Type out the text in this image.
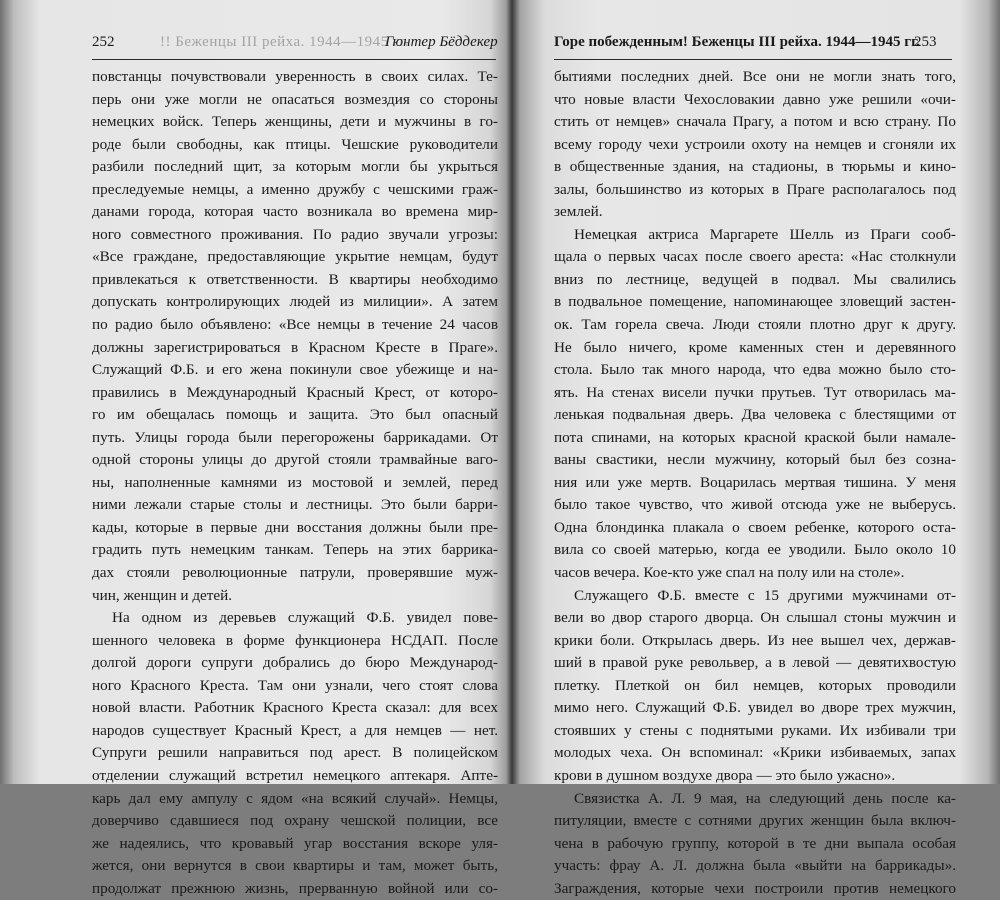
252	!! Беженцы III рейха. 1944—1945 гг.
Гюнтер Бёддекер
повстанцы почувствовали уверенность в своих силах. Те-
перь они уже могли не опасаться возмездия со стороны
немецких войск. Теперь женщины, дети и мужчины в го-
роде были свободны, как птицы. Чешские руководители
разбили последний щит, за которым могли бы укрыться
преследуемые немцы, а именно дружбу с чешскими граж-
данами города, которая часто возникала во времена мир-
ного совместного проживания. По радио звучали угрозы:
«Все граждане, предоставляющие укрытие немцам, будут
привлекаться к ответственности. В квартиры необходимо
допускать контролирующих людей из милиции». А затем
по радио было объявлено: «Все немцы в течение 24 часов
должны зарегистрироваться в Красном Кресте в Праге».
Служащий Ф.Б. и его жена покинули свое убежище и на-
правились в Международный Красный Крест, от которо-
го им обещалась помощь и защита. Это был опасный
путь. Улицы города были перегорожены баррикадами. От
одной стороны улицы до другой стояли трамвайные ваго-
ны, наполненные камнями из мостовой и землей, перед
ними лежали старые столы и лестницы. Это были барри-
кады, которые в первые дни восстания должны были пре-
градить путь немецким танкам. Теперь на этих баррика-
дах стояли революционные патрули, проверявшие муж-
чин, женщин и детей.
На одном из деревьев служащий Ф.Б. увидел пове-
шенного человека в форме функционера НСДАП. После
долгой дороги супруги добрались до бюро Международ-
ного Красного Креста. Там они узнали, чего стоят слова
новой власти. Работник Красного Креста сказал: для всех
народов существует Красный Крест, а для немцев — нет.
Супруги решили направиться под арест. В полицейском
отделении служащий встретил немецкого аптекаря. Апте-
карь дал ему ампулу с ядом «на всякий случай». Немцы,
доверчиво сдавшиеся под охрану чешской полиции, все
же надеялись, что кровавый угар восстания вскоре уля-
жется, они вернутся в свои квартиры и там, может быть,
продолжат прежнюю жизнь, прерванную войной или со-
Горе побежденным! Беженцы III рейха. 1944—1945 гг.
253
бытиями последних дней. Все они не могли знать того,
что новые власти Чехословакии давно уже решили «очи-
стить от немцев» сначала Прагу, а потом и всю страну. По
всему городу чехи устроили охоту на немцев и сгоняли их
в общественные здания, на стадионы, в тюрьмы и кино-
залы, большинство из которых в Праге располагалось под
землей.
Немецкая актриса Маргарете Шелль из Праги сооб-
щала о первых часах после своего ареста: «Нас столкнули
вниз по лестнице, ведущей в подвал. Мы свалились
в подвальное помещение, напоминающее зловещий застен-
ок. Там горела свеча. Люди стояли плотно друг к другу.
Не было ничего, кроме каменных стен и деревянного
стола. Было так много народа, что едва можно было сто-
ять. На стенах висели пучки прутьев. Тут отворилась ма-
ленькая подвальная дверь. Два человека с блестящими от
пота спинами, на которых красной краской были намале-
ваны свастики, несли мужчину, который был без созна-
ния или уже мертв. Воцарилась мертвая тишина. У меня
было такое чувство, что живой отсюда уже не выберусь.
Одна блондинка плакала о своем ребенке, которого оста-
вила со своей матерью, когда ее уводили. Было около 10
часов вечера. Кое-кто уже спал на полу или на столе».
Служащего Ф.Б. вместе с 15 другими мужчинами от-
вели во двор старого дворца. Он слышал стоны мужчин и
крики боли. Открылась дверь. Из нее вышел чех, держав-
ший в правой руке револьвер, а в левой — девятихвостую
плетку. Плеткой он бил немцев, которых проводили
мимо него. Служащий Ф.Б. увидел во дворе трех мужчин,
стоявших у стены с поднятыми руками. Их избивали три
молодых чеха. Он вспоминал: «Крики избиваемых, запах
крови в душном воздухе двора — это было ужасно».
Связистка А. Л. 9 мая, на следующий день после ка-
питуляции, вместе с сотнями других женщин была включ-
чена в рабочую группу, которой в те дни выпала особая
участь: фрау А. Л. должна была «выйти на баррикады».
Заграждения, которые чехи построили против немецкого
